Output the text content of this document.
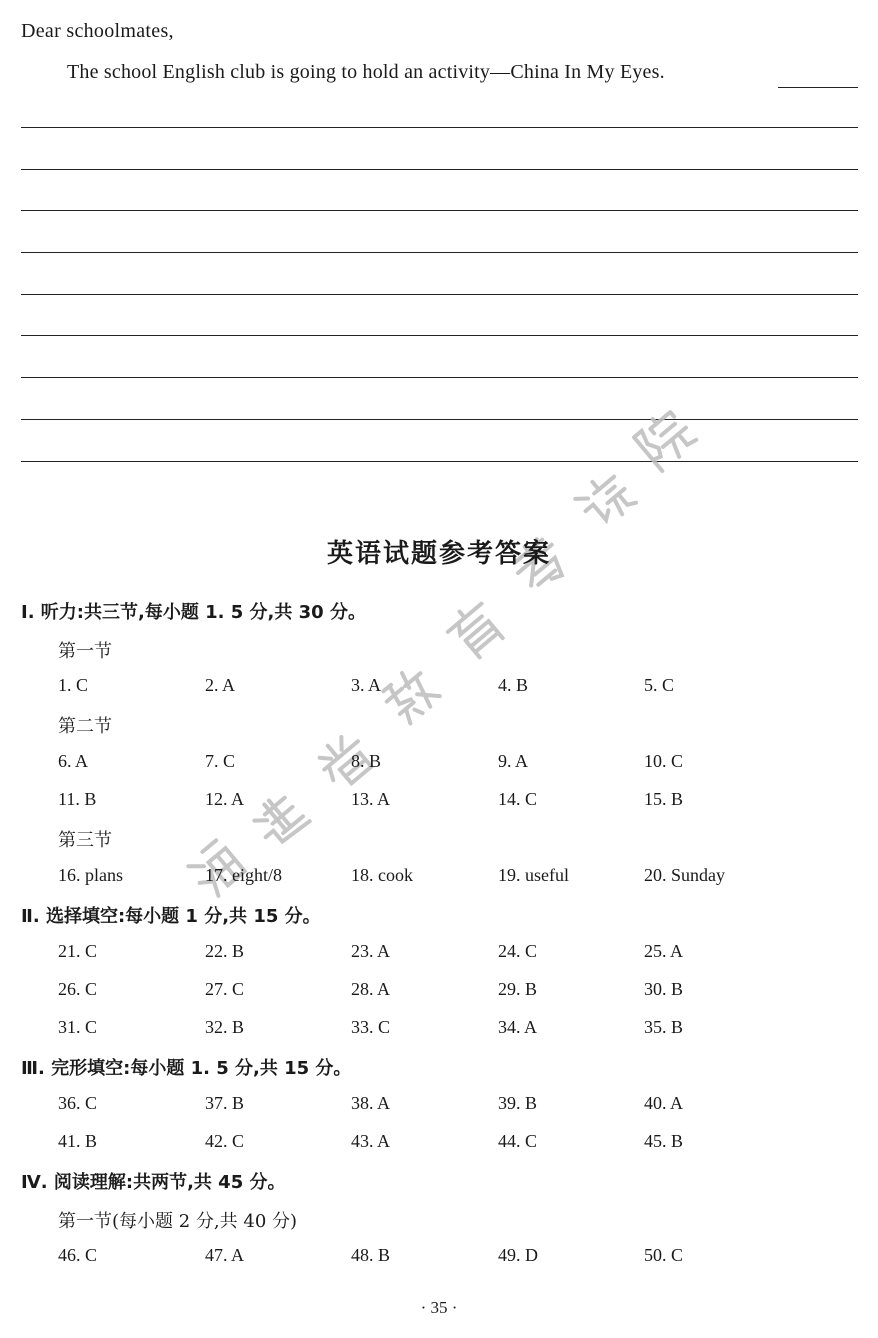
Dear schoolmates,
The school English club is going to hold an activity—China In My Eyes.
英语试题参考答案
Ⅰ. 听力:共三节,每小题 1. 5 分,共 30 分。
第一节
1. C	2. A	3. A	4. B	5. C
第二节
6. A	7. C	8. B	9. A	10. C
11. B	12. A	13. A	14. C	15. B
第三节
16. plans	17. eight/8	18. cook	19. useful	20. Sunday
Ⅱ. 选择填空:每小题 1 分,共 15 分。
21. C	22. B	23. A	24. C	25. A
26. C	27. C	28. A	29. B	30. B
31. C	32. B	33. C	34. A	35. B
Ⅲ. 完形填空:每小题 1. 5 分,共 15 分。
36. C	37. B	38. A	39. B	40. A
41. B	42. C	43. A	44. C	45. B
Ⅳ. 阅读理解:共两节,共 45 分。
第一节(每小题 2 分,共 40 分)
46. C	47. A	48. B	49. D	50. C
· 35 ·
